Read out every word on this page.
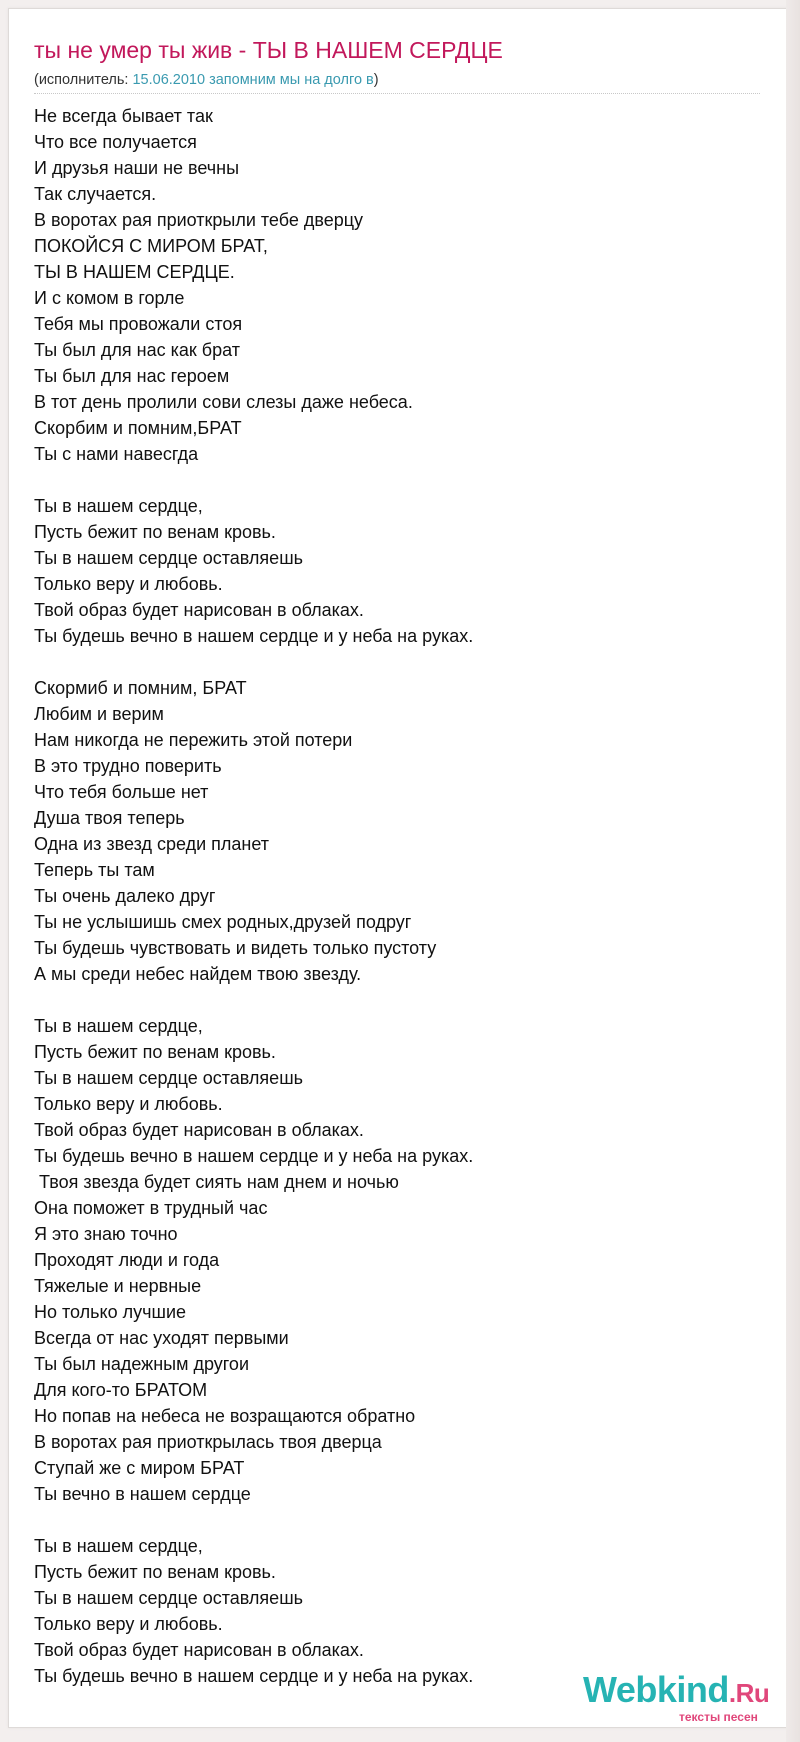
ты не умер ты жив - ТЫ В НАШЕМ СЕРДЦЕ
(исполнитель: 15.06.2010 запомним мы на долго в)
Не всегда бывает так
Что все получается
И друзья наши не вечны
Так случается.
В воротах рая приоткрыли тебе дверцу
ПОКОЙСЯ С МИРОМ БРАТ,
ТЫ В НАШЕМ СЕРДЦЕ.
И с комом в горле
Тебя мы провожали стоя
Ты был для нас как брат
Ты был для нас героем
В тот день пролили сови слезы даже небеса.
Скорбим и помним,БРАТ
Ты с нами навесгда
Ты в нашем сердце,
Пусть бежит по венам кровь.
Ты в нашем сердце оставляешь
Только веру и любовь.
Твой образ будет нарисован в облаках.
Ты будешь вечно в нашем сердце и у неба на руках.
Скормиб и помним, БРАТ
Любим и верим
Нам никогда не пережить этой потери
В это трудно поверить
Что тебя больше нет
Душа твоя теперь
Одна из звезд среди планет
Теперь ты там
Ты очень далеко друг
Ты не услышишь смех родных,друзей подруг
Ты будешь чувствовать и видеть только пустоту
А мы среди небес найдем твою звезду.
Ты в нашем сердце,
Пусть бежит по венам кровь.
Ты в нашем сердце оставляешь
Только веру и любовь.
Твой образ будет нарисован в облаках.
Ты будешь вечно в нашем сердце и у неба на руках.
Твоя звезда будет сиять нам днем и ночью
Она поможет в трудный час
Я это знаю точно
Проходят люди и года
Тяжелые и нервные
Но только лучшие
Всегда от нас уходят первыми
Ты был надежным другои
Для кого-то БРАТОМ
Но попав на небеса не возращаются обратно
В воротах рая приоткрылась твоя дверца
Ступай же с миром БРАТ
Ты вечно в нашем сердце
Ты в нашем сердце,
Пусть бежит по венам кровь.
Ты в нашем сердце оставляешь
Только веру и любовь.
Твой образ будет нарисован в облаках.
Ты будешь вечно в нашем сердце и у неба на руках.	Webkind.Ru
тексты песен
